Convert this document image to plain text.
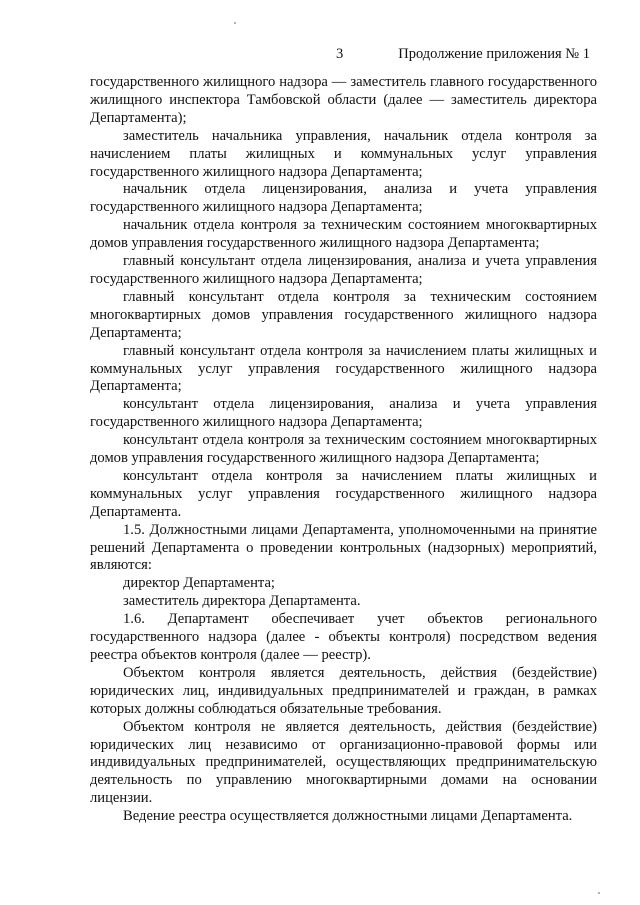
3	Продолжение приложения № 1

государственного жилищного надзора — заместитель главного государственного жилищного инспектора Тамбовской области (далее — заместитель директора Департамента);

заместитель начальника управления, начальник отдела контроля за начислением платы жилищных и коммунальных услуг управления государственного жилищного надзора Департамента;

начальник отдела лицензирования, анализа и учета управления государственного жилищного надзора Департамента;

начальник отдела контроля за техническим состоянием многоквартирных домов управления государственного жилищного надзора Департамента;

главный консультант отдела лицензирования, анализа и учета управления государственного жилищного надзора Департамента;

главный консультант отдела контроля за техническим состоянием многоквартирных домов управления государственного жилищного надзора Департамента;

главный консультант отдела контроля за начислением платы жилищных и коммунальных услуг управления государственного жилищного надзора Департамента;

консультант отдела лицензирования, анализа и учета управления государственного жилищного надзора Департамента;

консультант отдела контроля за техническим состоянием многоквартирных домов управления государственного жилищного надзора Департамента;

консультант отдела контроля за начислением платы жилищных и коммунальных услуг управления государственного жилищного надзора Департамента.

1.5. Должностными лицами Департамента, уполномоченными на принятие решений Департамента о проведении контрольных (надзорных) мероприятий, являются:

директор Департамента;

заместитель директора Департамента.

1.6. Департамент обеспечивает учет объектов регионального государственного надзора (далее - объекты контроля) посредством ведения реестра объектов контроля (далее — реестр).

Объектом контроля является деятельность, действия (бездействие) юридических лиц, индивидуальных предпринимателей и граждан, в рамках которых должны соблюдаться обязательные требования.

Объектом контроля не является деятельность, действия (бездействие) юридических лиц независимо от организационно-правовой формы или индивидуальных предпринимателей, осуществляющих предпринимательскую деятельность по управлению многоквартирными домами на основании лицензии.

Ведение реестра осуществляется должностными лицами Департамента.
